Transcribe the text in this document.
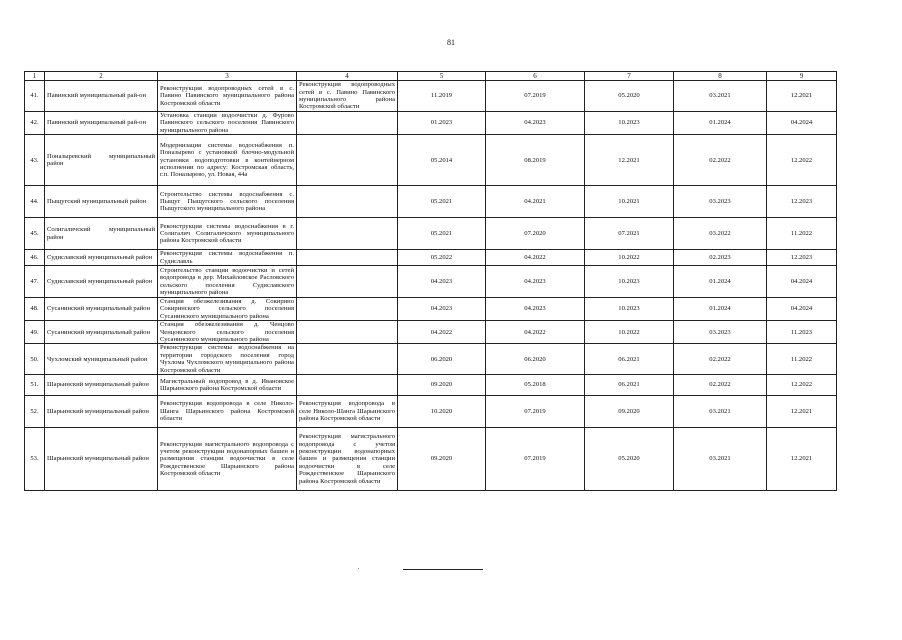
81
1	2	3	4	5	6	7	8	9
41.	Павинский муниципальный рай-он	Реконструкция водопроводных сетей в с. Павино Павинского муниципального района Костромской области	Реконструкция водопроводных сетей в с. Павино Павинского муниципального района Костромской области	11.2019	07.2019	05.2020	03.2021	12.2021
42.	Павинский муниципальный рай-он	Установка станции водоочистки д. Фурово Павинского сельского поселения Павинского муниципального района		01.2023	04.2023	10.2023	01.2024	04.2024
43.	Поназыревский муниципальный район	Модернизация системы водоснабжения п. Поназырево с установкой блочно-модульной установки водоподготовки в контейнерном исполнении по адресу: Костромская область, г.п. Поназырево, ул. Новая, 44а		05.2014	08.2019	12.2021	02.2022	12.2022
44.	Пыщугский муниципальный район	Строительство системы водоснабжения с. Пыщуг Пыщугского сельского поселения Пыщугского муниципального района		05.2021	04.2021	10.2021	03.2023	12.2023
45.	Солигаличский муниципальный район	Реконструкция системы водоснабжения в г. Солигалич Солигаличского муниципального района Костромской области		05.2021	07.2020	07.2021	03.2022	11.2022
46.	Судиславский муниципальный район	Реконструкция системы водоснабжения п. Судиславль		05.2022	04.2022	10.2022	02.2023	12.2023
47.	Судиславский муниципальный район	Строительство станции водоочистки и сетей водопровода в дер. Михайловское Расловского сельского поселения Судиславского муниципального района		04.2023	04.2023	10.2023	01.2024	04.2024
48.	Сусанинский муниципальный район	Станция обезжелезивания д. Сокирино Сокиринского сельского поселения Сусанинского муниципального района		04.2023	04.2023	10.2023	01.2024	04.2024
49.	Сусанинский муниципальный район	Станция обезжелезивания д. Ченцово Ченцовского сельского поселения Сусанинского муниципального района		04.2022	04.2022	10.2022	03.2023	11.2023
50.	Чухломский муниципальный район	Реконструкция системы водоснабжения на территории городского поселения город Чухлома Чухломского муниципального района Костромской области		06.2020	06.2020	06.2021	02.2022	11.2022
51.	Шарьинский муниципальный район	Магистральный водопровод в д. Ивановское Шарьинского района Костромской области		09.2020	05.2018	06.2021	02.2022	12.2022
52.	Шарьинский муниципальный район	Реконструкция водопровода в селе Николо-Шанга Шарьинского района Костромской области	Реконструкция водопровода в селе Николо-Шанга Шарьинского района Костромской области	10.2020	07.2019	09.2020	03.2021	12.2021
53.	Шарьинский муниципальный район	Реконструкция магистрального водопровода с учетом реконструкции водонапорных башен и размещения станции водоочистки в селе Рождественское Шарьинского района Костромской области	Реконструкция магистрального водопровода с учетом реконструкции водонапорных башен и размещения станции водоочистки в селе Рождественское Шарьинского района Костромской области	09.2020	07.2019	05.2020	03.2021	12.2021
